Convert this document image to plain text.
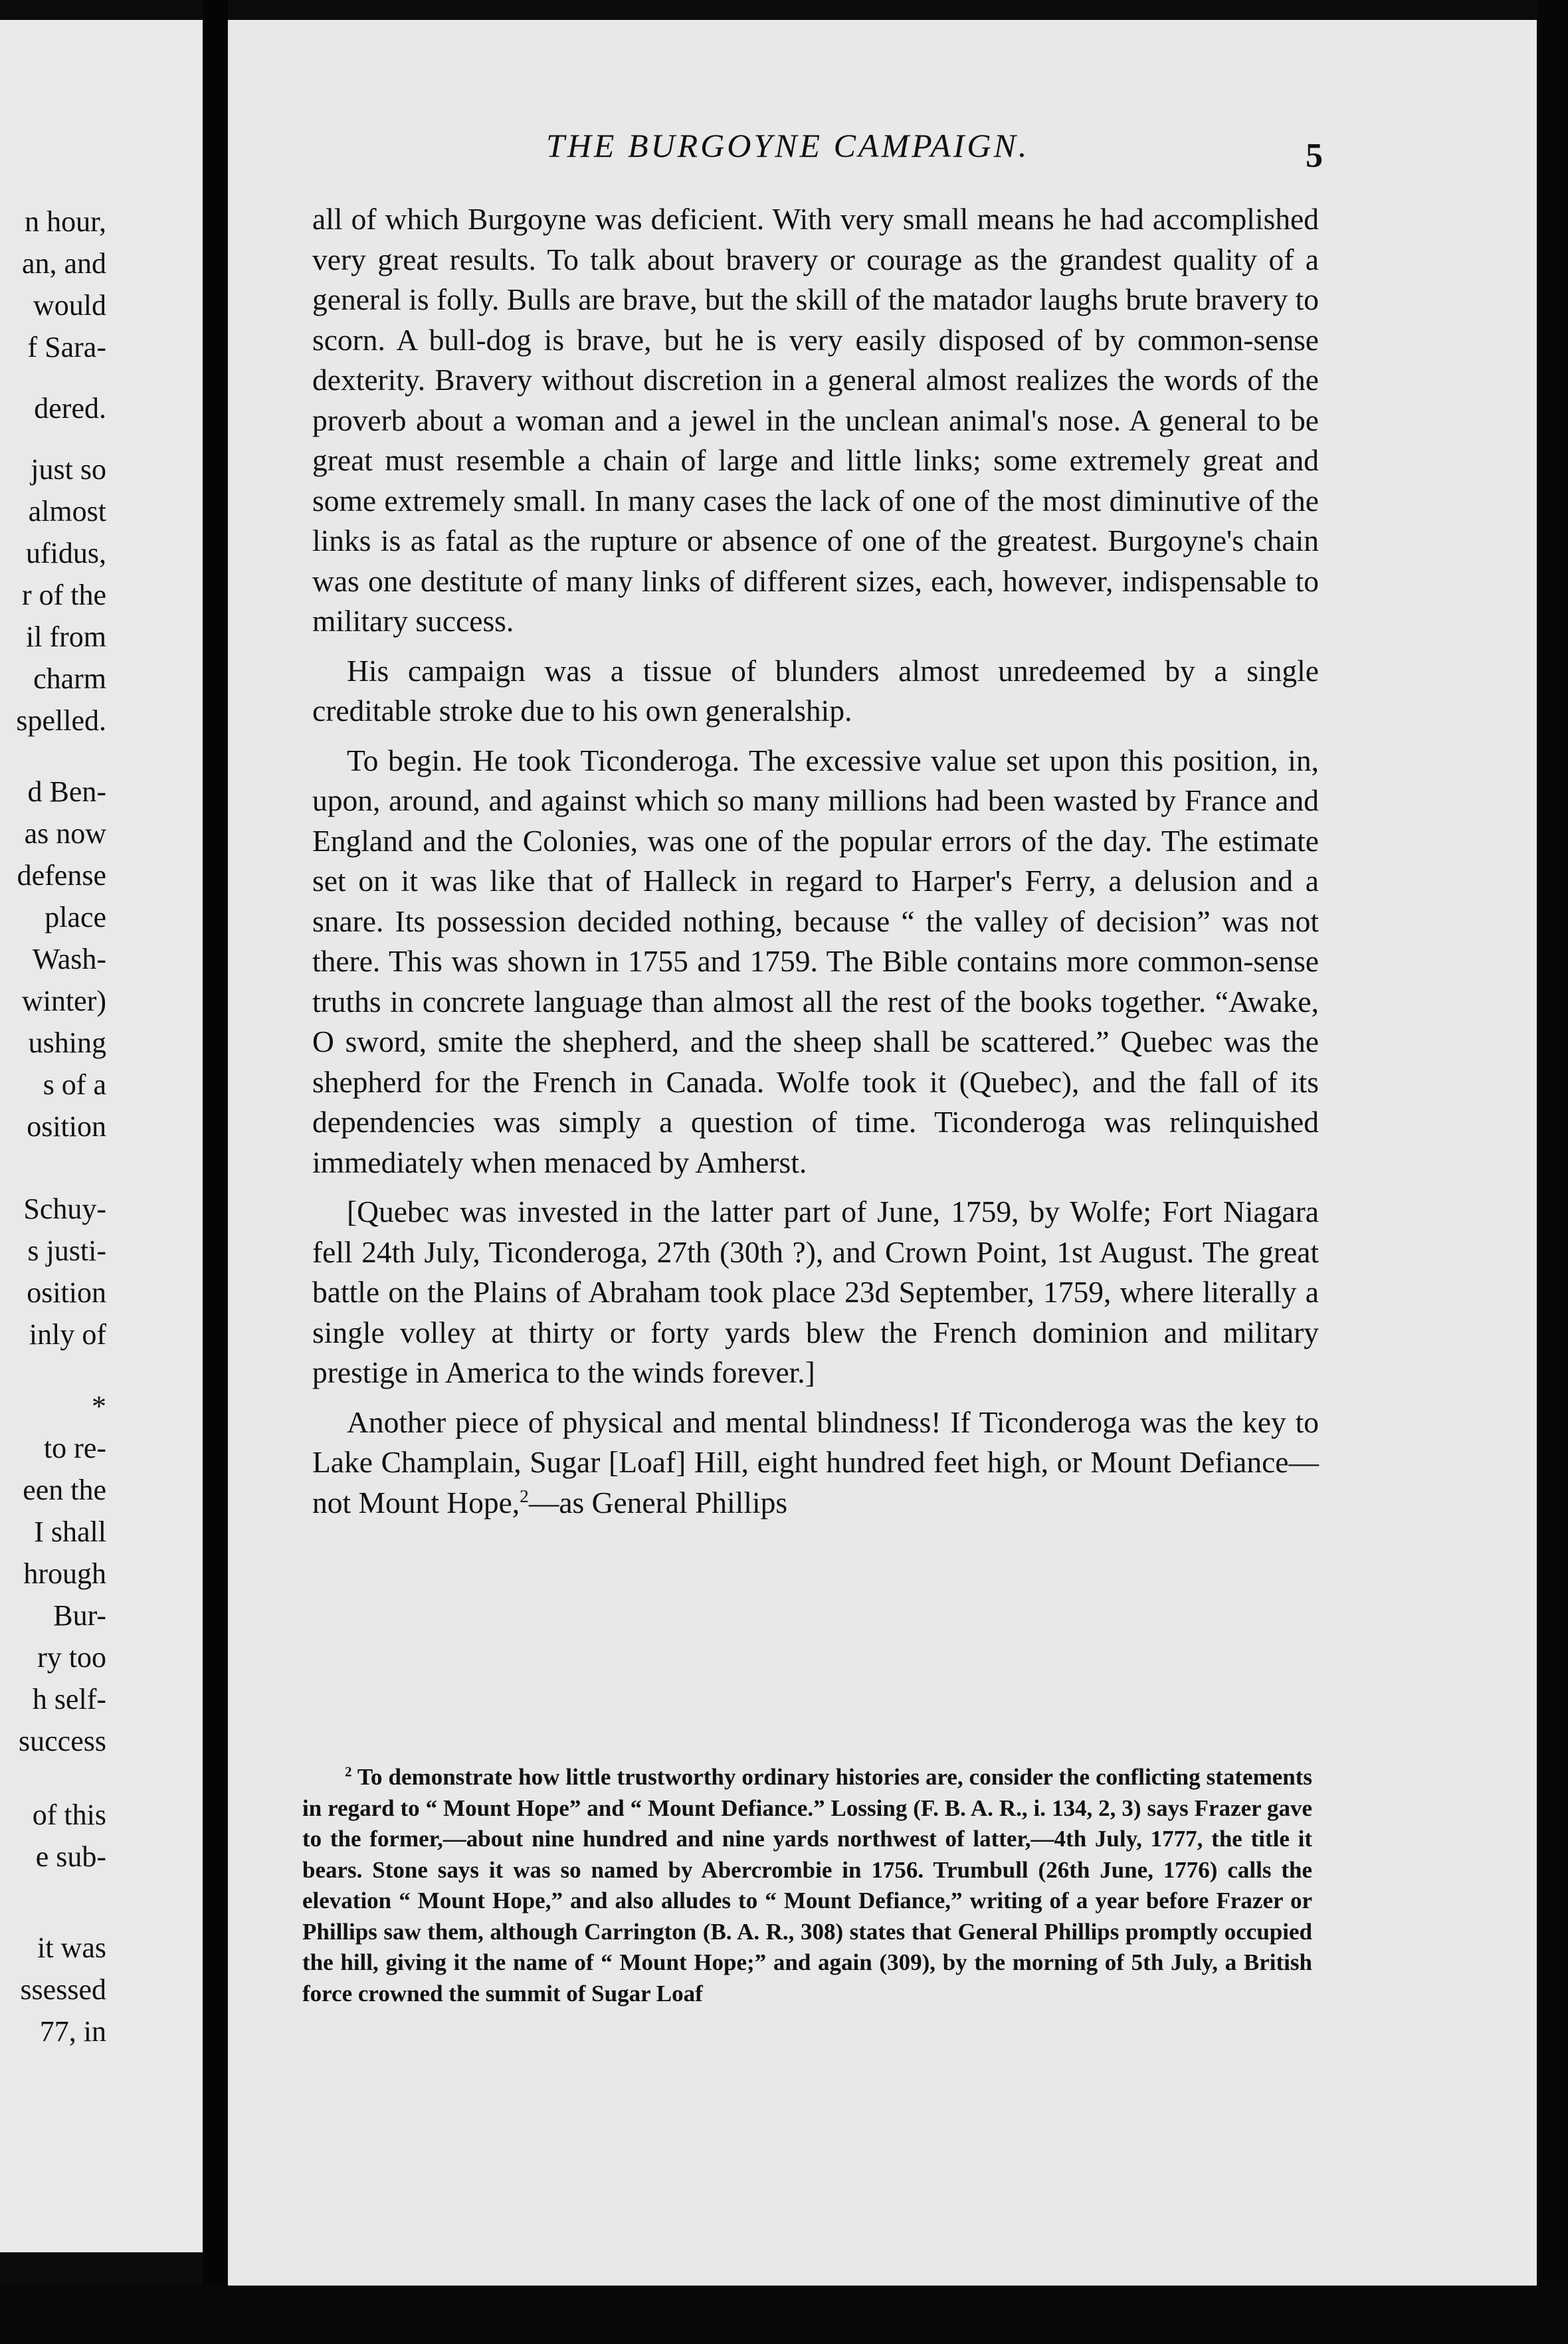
n hour,
an, and
would
f Sara-
dered.
just so
almost
ufidus,
r of the
il from
charm
spelled.
d Ben-
as now
defense
place
Wash-
winter)
ushing
s of a
osition
Schuy-
s justi-
osition
inly of
*
to re-
een the
I shall
hrough
Bur-
ry too
h self-
success
of this
e sub-
it was
ssessed
77, in
THE BURGOYNE CAMPAIGN.	5

all of which Burgoyne was deficient. With very small means he had accomplished very great results. To talk about bravery or courage as the grandest quality of a general is folly. Bulls are brave, but the skill of the matador laughs brute bravery to scorn. A bull-dog is brave, but he is very easily disposed of by common-sense dexterity. Bravery without discretion in a general almost realizes the words of the proverb about a woman and a jewel in the unclean animal's nose. A general to be great must resemble a chain of large and little links; some extremely great and some extremely small. In many cases the lack of one of the most diminutive of the links is as fatal as the rupture or absence of one of the greatest. Burgoyne's chain was one destitute of many links of different sizes, each, however, indispensable to military success.

His campaign was a tissue of blunders almost unredeemed by a single creditable stroke due to his own generalship.

To begin. He took Ticonderoga. The excessive value set upon this position, in, upon, around, and against which so many millions had been wasted by France and England and the Colonies, was one of the popular errors of the day. The estimate set on it was like that of Halleck in regard to Harper's Ferry, a delusion and a snare. Its possession decided nothing, because “ the valley of decision” was not there. This was shown in 1755 and 1759. The Bible contains more common-sense truths in concrete language than almost all the rest of the books together. “Awake, O sword, smite the shepherd, and the sheep shall be scattered.” Quebec was the shepherd for the French in Canada. Wolfe took it (Quebec), and the fall of its dependencies was simply a question of time. Ticonderoga was relinquished immediately when menaced by Amherst.

[Quebec was invested in the latter part of June, 1759, by Wolfe; Fort Niagara fell 24th July, Ticonderoga, 27th (30th ?), and Crown Point, 1st August. The great battle on the Plains of Abraham took place 23d September, 1759, where literally a single volley at thirty or forty yards blew the French dominion and military prestige in America to the winds forever.]

Another piece of physical and mental blindness! If Ticonderoga was the key to Lake Champlain, Sugar [Loaf] Hill, eight hundred feet high, or Mount Defiance—not Mount Hope,$^2$—as General Phillips

$^2$ To demonstrate how little trustworthy ordinary histories are, consider the conflicting statements in regard to “ Mount Hope” and “ Mount Defiance.” Lossing (F. B. A. R., i. 134, 2, 3) says Frazer gave to the former,—about nine hundred and nine yards northwest of latter,—4th July, 1777, the title it bears. Stone says it was so named by Abercrombie in 1756. Trumbull (26th June, 1776) calls the elevation “ Mount Hope,” and also alludes to “ Mount Defiance,” writing of a year before Frazer or Phillips saw them, although Carrington (B. A. R., 308) states that General Phillips promptly occupied the hill, giving it the name of “ Mount Hope;” and again (309), by the morning of 5th July, a British force crowned the summit of Sugar Loaf
